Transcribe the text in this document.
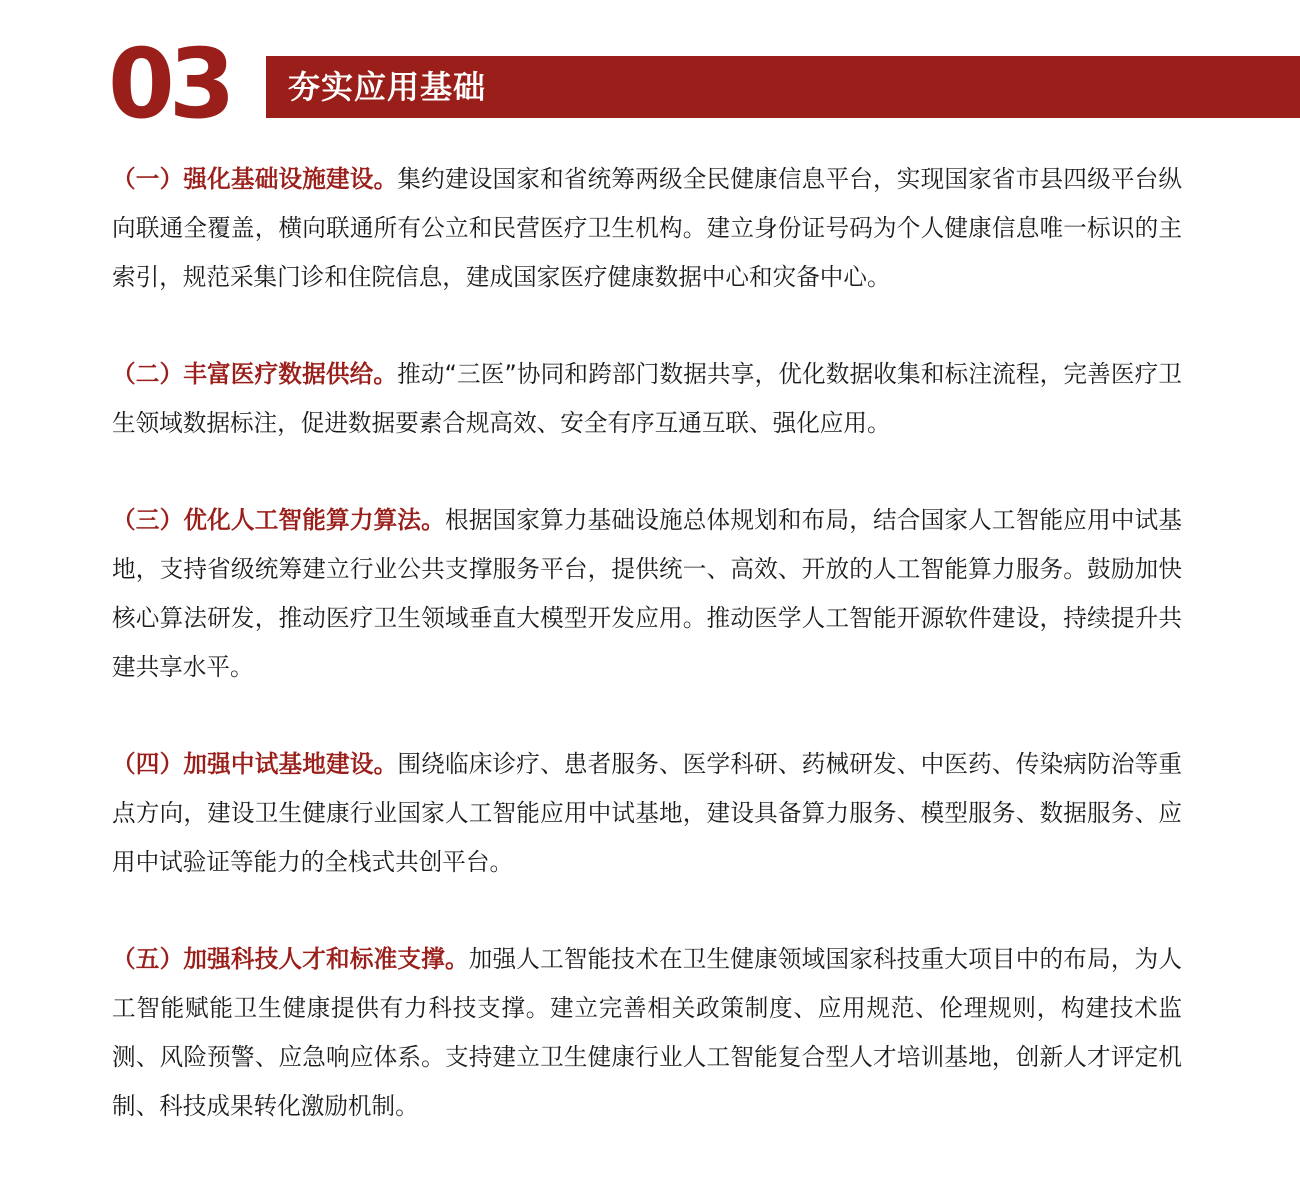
03 夯实应用基础

（一）强化基础设施建设。集约建设国家和省统筹两级全民健康信息平台，实现国家省市县四级平台纵向联通全覆盖，横向联通所有公立和民营医疗卫生机构。建立身份证号码为个人健康信息唯一标识的主索引，规范采集门诊和住院信息，建成国家医疗健康数据中心和灾备中心。

（二）丰富医疗数据供给。推动“三医”协同和跨部门数据共享，优化数据收集和标注流程，完善医疗卫生领域数据标注，促进数据要素合规高效、安全有序互通互联、强化应用。

（三）优化人工智能算力算法。根据国家算力基础设施总体规划和布局，结合国家人工智能应用中试基地，支持省级统筹建立行业公共支撑服务平台，提供统一、高效、开放的人工智能算力服务。鼓励加快核心算法研发，推动医疗卫生领域垂直大模型开发应用。推动医学人工智能开源软件建设，持续提升共建共享水平。

（四）加强中试基地建设。围绕临床诊疗、患者服务、医学科研、药械研发、中医药、传染病防治等重点方向，建设卫生健康行业国家人工智能应用中试基地，建设具备算力服务、模型服务、数据服务、应用中试验证等能力的全栈式共创平台。

（五）加强科技人才和标准支撑。加强人工智能技术在卫生健康领域国家科技重大项目中的布局，为人工智能赋能卫生健康提供有力科技支撑。建立完善相关政策制度、应用规范、伦理规则，构建技术监测、风险预警、应急响应体系。支持建立卫生健康行业人工智能复合型人才培训基地，创新人才评定机制、科技成果转化激励机制。
